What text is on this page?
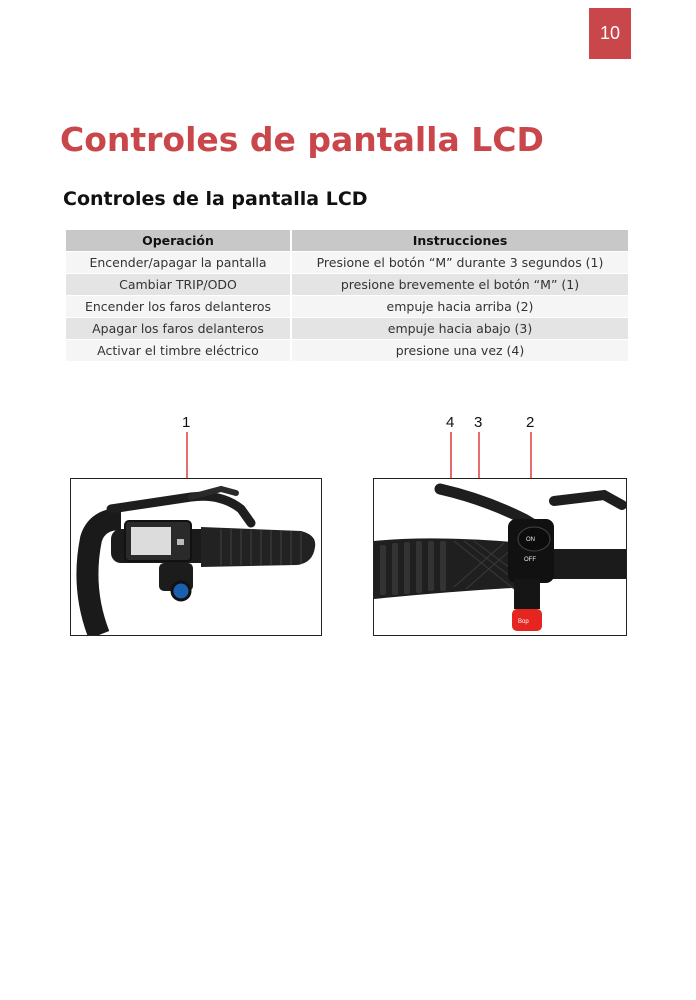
10
Controles de pantalla LCD
Controles de la pantalla LCD
Operación	Instrucciones
Encender/apagar la pantalla	Presione el botón “M” durante 3 segundos (1)
Cambiar TRIP/ODO	presione brevemente el botón “M” (1)
Encender los faros delanteros	empuje hacia arriba (2)
Apagar los faros delanteros	empuje hacia abajo (3)
Activar el timbre eléctrico	presione una vez (4)
1	4 3	2
ON
OFF
Bop
